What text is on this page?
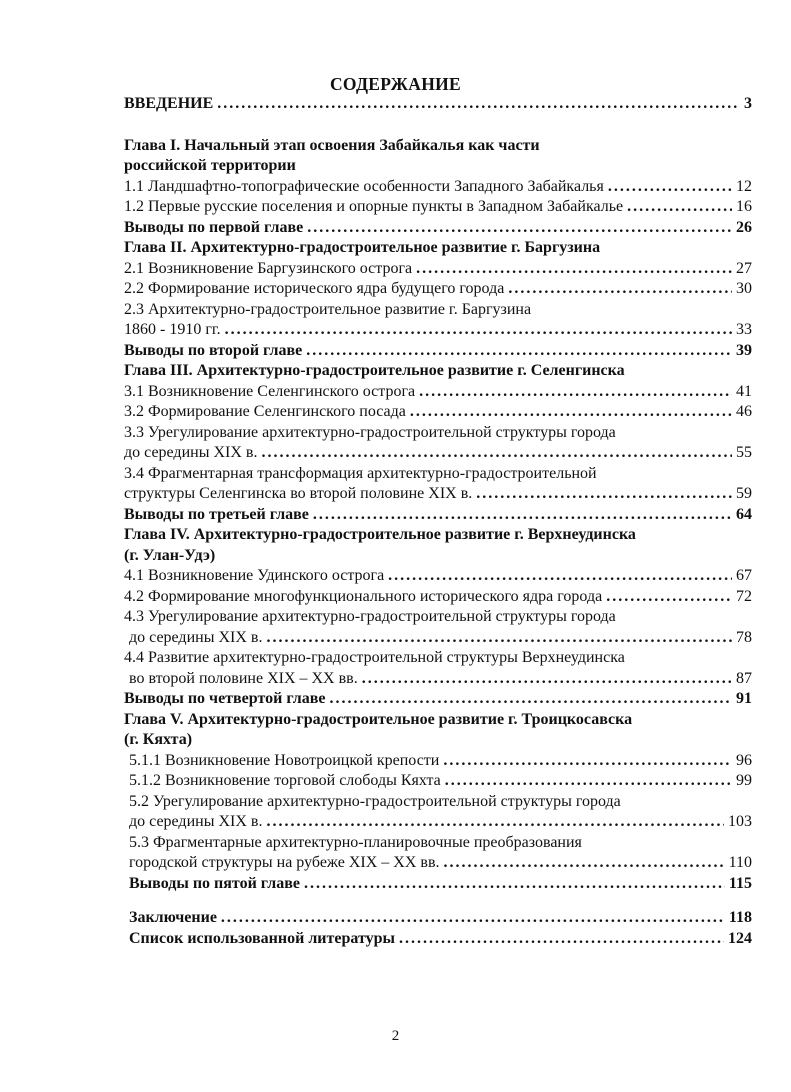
СОДЕРЖАНИЕ
ВВЕДЕНИЕ . . .	3
Глава I. Начальный этап освоения Забайкалья как части
российской территории
1.1 Ландшафтно-топографические особенности Западного Забайкалья . . .	12
1.2 Первые русские поселения и опорные пункты в Западном Забайкалье . . .	16
Выводы по первой главе . . .	26
Глава II. Архитектурно-градостроительное развитие г. Баргузина
2.1 Возникновение Баргузинского острога . . .	27
2.2 Формирование исторического ядра будущего города . . .	30
2.3 Архитектурно-градостроительное развитие г. Баргузина
1860 - 1910 гг. . . .	33
Выводы по второй главе . . .	39
Глава III. Архитектурно-градостроительное развитие г. Селенгинска
3.1 Возникновение Селенгинского острога . . .	41
3.2 Формирование Селенгинского посада . . .	46
3.3 Урегулирование архитектурно-градостроительной структуры города
до середины XIX в. . . .	55
3.4 Фрагментарная трансформация архитектурно-градостроительной
структуры Селенгинска во второй половине XIX в. . . .	59
Выводы по третьей главе . . .	64
Глава IV. Архитектурно-градостроительное развитие г. Верхнеудинска
(г. Улан-Удэ)
4.1 Возникновение Удинского острога . . .	67
4.2 Формирование многофункционального исторического ядра города . . .	72
4.3 Урегулирование архитектурно-градостроительной структуры города
до середины XIX в. . . .	78
4.4 Развитие архитектурно-градостроительной структуры Верхнеудинска
во второй половине XIX – XX вв. . . .	87
Выводы по четвертой главе . . .	91
Глава V. Архитектурно-градостроительное развитие г. Троицкосавска
(г. Кяхта)
5.1.1 Возникновение Новотроицкой крепости . . .	96
5.1.2 Возникновение торговой слободы Кяхта . . .	99
5.2 Урегулирование архитектурно-градостроительной структуры города
до середины XIX в. . . .	103
5.3 Фрагментарные архитектурно-планировочные преобразования
городской структуры на рубеже XIX – XX вв. . . .	110
Выводы по пятой главе . . .	115
Заключение . . .	118
Список использованной литературы . . .	124
2
